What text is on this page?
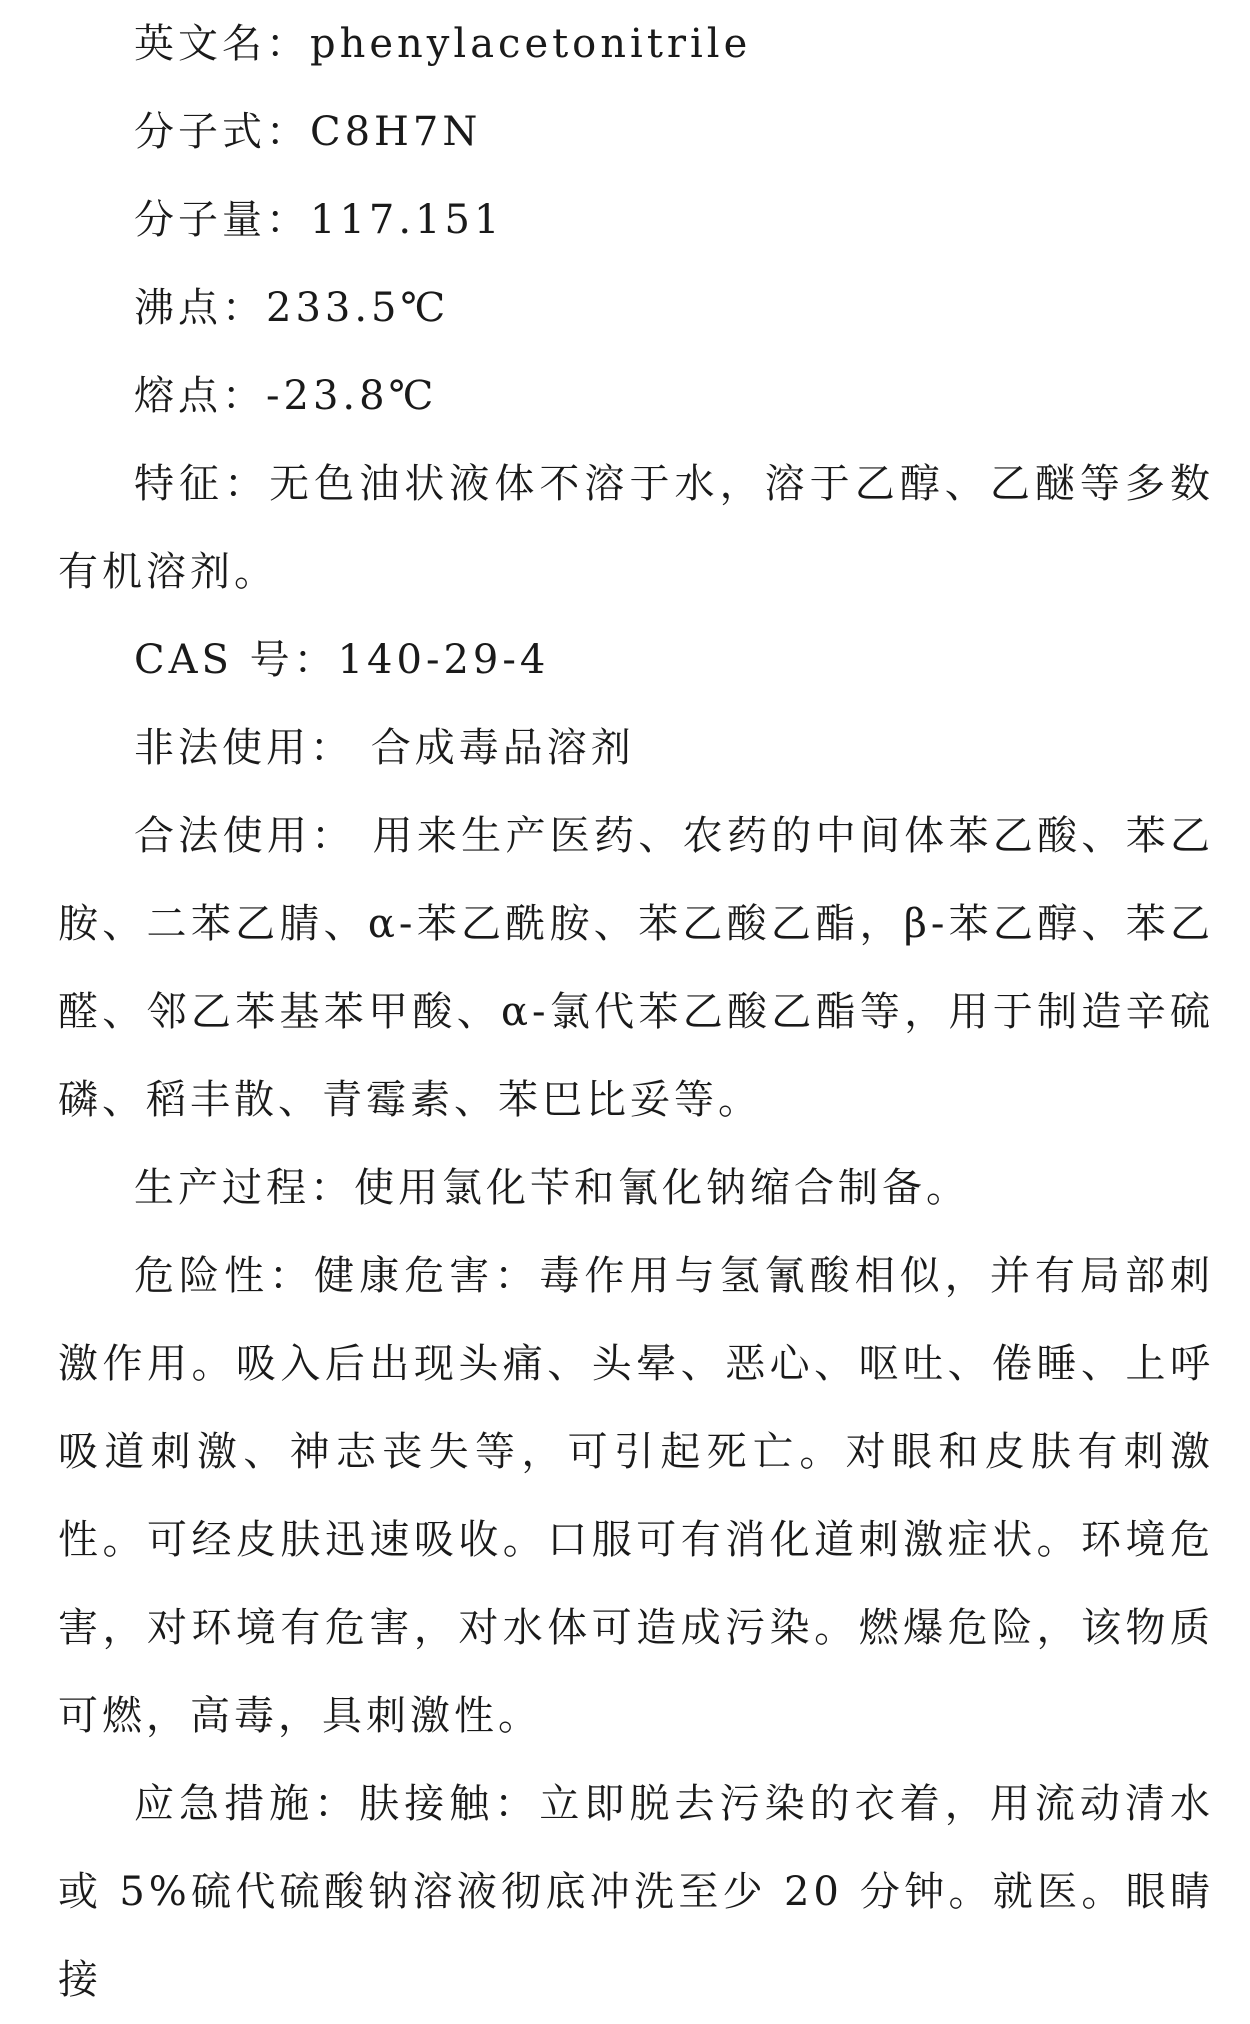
英文名：phenylacetonitrile

分子式：C8H7N

分子量：117.151

沸点：233.5℃

熔点：-23.8℃

特征：无色油状液体不溶于水，溶于乙醇、乙醚等多数有机溶剂。

CAS 号：140-29-4

非法使用： 合成毒品溶剂

合法使用： 用来生产医药、农药的中间体苯乙酸、苯乙胺、二苯乙腈、α-苯乙酰胺、苯乙酸乙酯，β-苯乙醇、苯乙醛、邻乙苯基苯甲酸、α-氯代苯乙酸乙酯等，用于制造辛硫磷、稻丰散、青霉素、苯巴比妥等。

生产过程：使用氯化苄和氰化钠缩合制备。

危险性：健康危害：毒作用与氢氰酸相似，并有局部刺激作用。吸入后出现头痛、头晕、恶心、呕吐、倦睡、上呼吸道刺激、神志丧失等，可引起死亡。对眼和皮肤有刺激性。可经皮肤迅速吸收。口服可有消化道刺激症状。环境危害，对环境有危害，对水体可造成污染。燃爆危险，该物质可燃，高毒，具刺激性。

应急措施：肤接触：立即脱去污染的衣着，用流动清水或 5%硫代硫酸钠溶液彻底冲洗至少 20 分钟。就医。眼睛接
